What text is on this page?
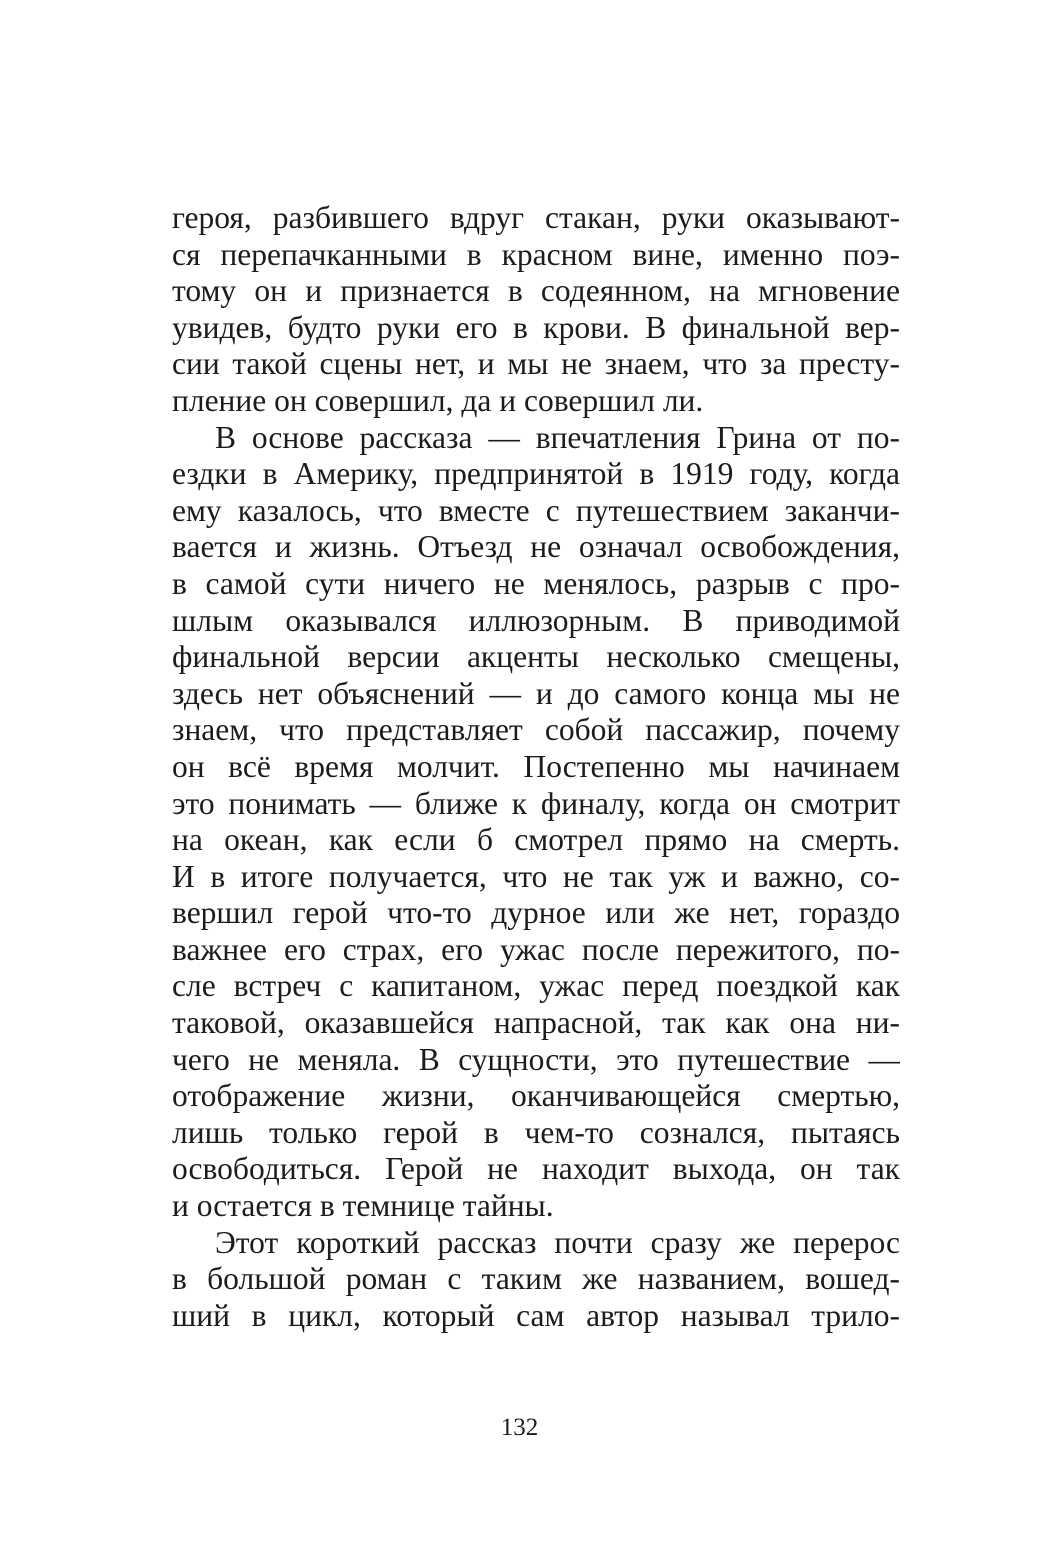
героя, разбившего вдруг стакан, руки оказывают-
ся перепачканными в красном вине, именно поэ-
тому он и признается в содеянном, на мгновение
увидев, будто руки его в крови. В финальной вер-
сии такой сцены нет, и мы не знаем, что за престу-
пление он совершил, да и совершил ли.
В основе рассказа — впечатления Грина от по-
ездки в Америку, предпринятой в 1919 году, когда
ему казалось, что вместе с путешествием заканчи-
вается и жизнь. Отъезд не означал освобождения,
в самой сути ничего не менялось, разрыв с про-
шлым оказывался иллюзорным. В приводимой
финальной версии акценты несколько смещены,
здесь нет объяснений — и до самого конца мы не
знаем, что представляет собой пассажир, почему
он всё время молчит. Постепенно мы начинаем
это понимать — ближе к финалу, когда он смотрит
на океан, как если б смотрел прямо на смерть.
И в итоге получается, что не так уж и важно, со-
вершил герой что-то дурное или же нет, гораздо
важнее его страх, его ужас после пережитого, по-
сле встреч с капитаном, ужас перед поездкой как
таковой, оказавшейся напрасной, так как она ни-
чего не меняла. В сущности, это путешествие —
отображение жизни, оканчивающейся смертью,
лишь только герой в чем-то сознался, пытаясь
освободиться. Герой не находит выхода, он так
и остается в темнице тайны.
Этот короткий рассказ почти сразу же перерос
в большой роман с таким же названием, вошед-
ший в цикл, который сам автор называл трило-
132
